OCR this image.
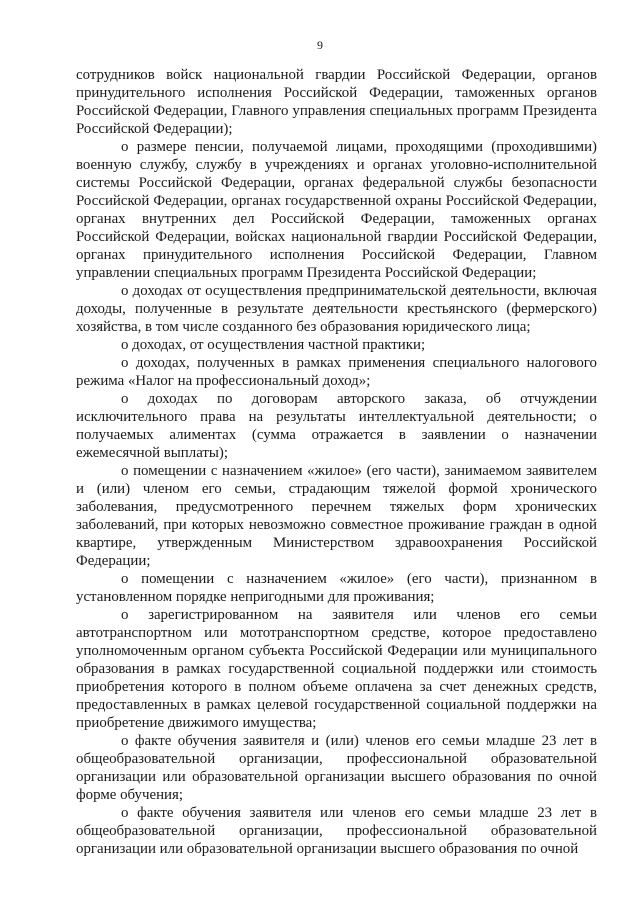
9

сотрудников войск национальной гвардии Российской Федерации, органов принудительного исполнения Российской Федерации, таможенных органов Российской Федерации, Главного управления специальных программ Президента Российской Федерации);

о размере пенсии, получаемой лицами, проходящими (проходившими) военную службу, службу в учреждениях и органах уголовно-исполнительной системы Российской Федерации, органах федеральной службы безопасности Российской Федерации, органах государственной охраны Российской Федерации, органах внутренних дел Российской Федерации, таможенных органах Российской Федерации, войсках национальной гвардии Российской Федерации, органах принудительного исполнения Российской Федерации, Главном управлении специальных программ Президента Российской Федерации;

о доходах от осуществления предпринимательской деятельности, включая доходы, полученные в результате деятельности крестьянского (фермерского) хозяйства, в том числе созданного без образования юридического лица;

о доходах, от осуществления частной практики;

о доходах, полученных в рамках применения специального налогового режима «Налог на профессиональный доход»;

о доходах по договорам авторского заказа, об отчуждении исключительного права на результаты интеллектуальной деятельности; о получаемых алиментах (сумма отражается в заявлении о назначении ежемесячной выплаты);

о помещении с назначением «жилое» (его части), занимаемом заявителем и (или) членом его семьи, страдающим тяжелой формой хронического заболевания, предусмотренного перечнем тяжелых форм хронических заболеваний, при которых невозможно совместное проживание граждан в одной квартире, утвержденным Министерством здравоохранения Российской Федерации;

о помещении с назначением «жилое» (его части), признанном в установленном порядке непригодными для проживания;

о зарегистрированном на заявителя или членов его семьи автотранспортном или мототранспортном средстве, которое предоставлено уполномоченным органом субъекта Российской Федерации или муниципального образования в рамках государственной социальной поддержки или стоимость приобретения которого в полном объеме оплачена за счет денежных средств, предоставленных в рамках целевой государственной социальной поддержки на приобретение движимого имущества;

о факте обучения заявителя и (или) членов его семьи младше 23 лет в общеобразовательной организации, профессиональной образовательной организации или образовательной организации высшего образования по очной форме обучения;

о факте обучения заявителя или членов его семьи младше 23 лет в общеобразовательной организации, профессиональной образовательной организации или образовательной организации высшего образования по очной
